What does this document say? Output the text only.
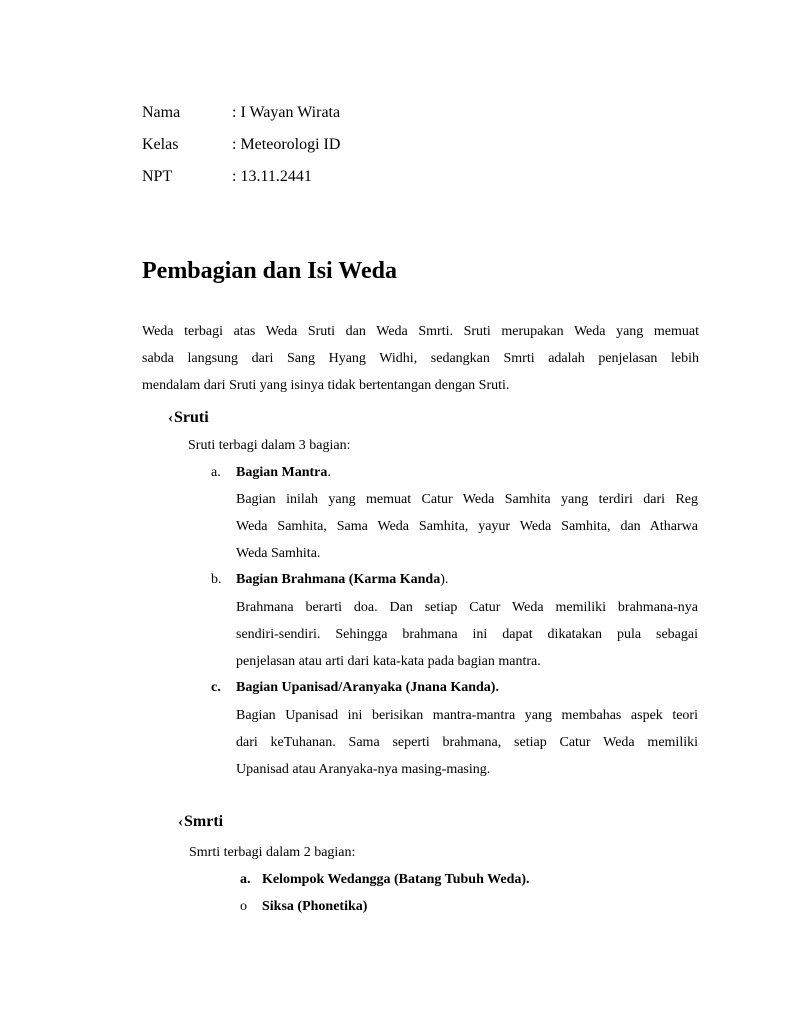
Nama	: I Wayan Wirata
Kelas	: Meteorologi ID
NPT	: 13.11.2441
Pembagian dan Isi Weda
Weda terbagi atas Weda Sruti dan Weda Smrti. Sruti merupakan Weda yang memuat
sabda langsung dari Sang Hyang Widhi, sedangkan Smrti adalah penjelasan lebih
mendalam dari Sruti yang isinya tidak bertentangan dengan Sruti.
‹Sruti
Sruti terbagi dalam 3 bagian:
a. Bagian Mantra.
Bagian inilah yang memuat Catur Weda Samhita yang terdiri dari Reg
Weda Samhita, Sama Weda Samhita, yayur Weda Samhita, dan Atharwa
Weda Samhita.
b. Bagian Brahmana (Karma Kanda).
Brahmana berarti doa. Dan setiap Catur Weda memiliki brahmana-nya
sendiri-sendiri. Sehingga brahmana ini dapat dikatakan pula sebagai
penjelasan atau arti dari kata-kata pada bagian mantra.
c. Bagian Upanisad/Aranyaka (Jnana Kanda).
Bagian Upanisad ini berisikan mantra-mantra yang membahas aspek teori
dari keTuhanan. Sama seperti brahmana, setiap Catur Weda memiliki
Upanisad atau Aranyaka-nya masing-masing.
‹Smrti
Smrti terbagi dalam 2 bagian:
a. Kelompok Wedangga (Batang Tubuh Weda).
o Siksa (Phonetika)
